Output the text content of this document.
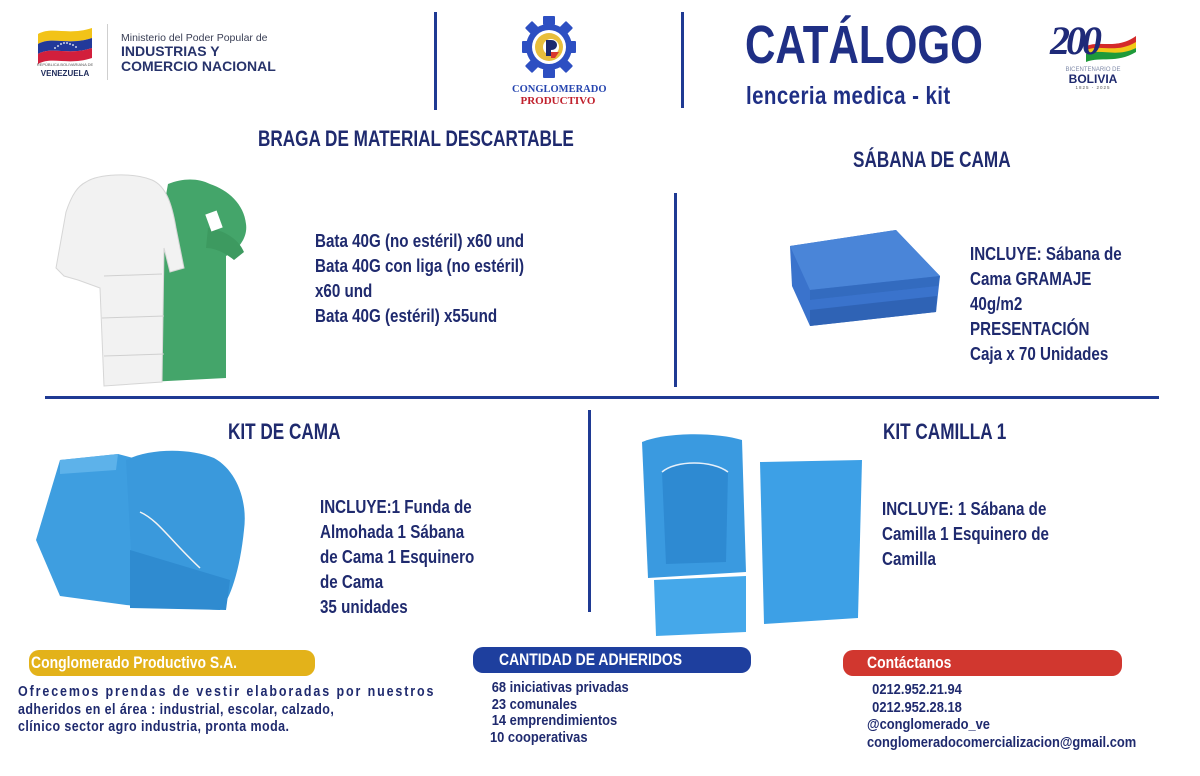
REPÚBLICA BOLIVARIANA DE
VENEZUELA
Ministerio del Poder Popular de
INDUSTRIAS Y
COMERCIO NACIONAL
CONGLOMERADO
PRODUCTIVO
CATÁLOGO
lenceria medica - kit
200
BICENTENARIO DE
BOLIVIA
1825 - 2025
BRAGA DE MATERIAL DESCARTABLE
Bata 40G (no estéril) x60 und
Bata 40G con liga (no estéril)
x60 und
Bata 40G (estéril) x55und
SÁBANA DE CAMA
INCLUYE: Sábana de
Cama GRAMAJE
40g/m2
PRESENTACIÓN
Caja x 70 Unidades
KIT DE CAMA
INCLUYE:1 Funda de
Almohada 1 Sábana
de Cama 1 Esquinero
de Cama
35 unidades
KIT CAMILLA 1
INCLUYE: 1 Sábana de
Camilla 1 Esquinero de
Camilla
Conglomerado Productivo S.A.
Ofrecemos prendas de vestir elaboradas por nuestros
adheridos en el área : industrial, escolar, calzado,
clínico sector agro industria, pronta moda.
CANTIDAD DE ADHERIDOS
68 iniciativas privadas
23 comunales
14 emprendimientos
10 cooperativas
Contáctanos
0212.952.21.94
0212.952.28.18
@conglomerado_ve
conglomeradocomercializacion@gmail.com
